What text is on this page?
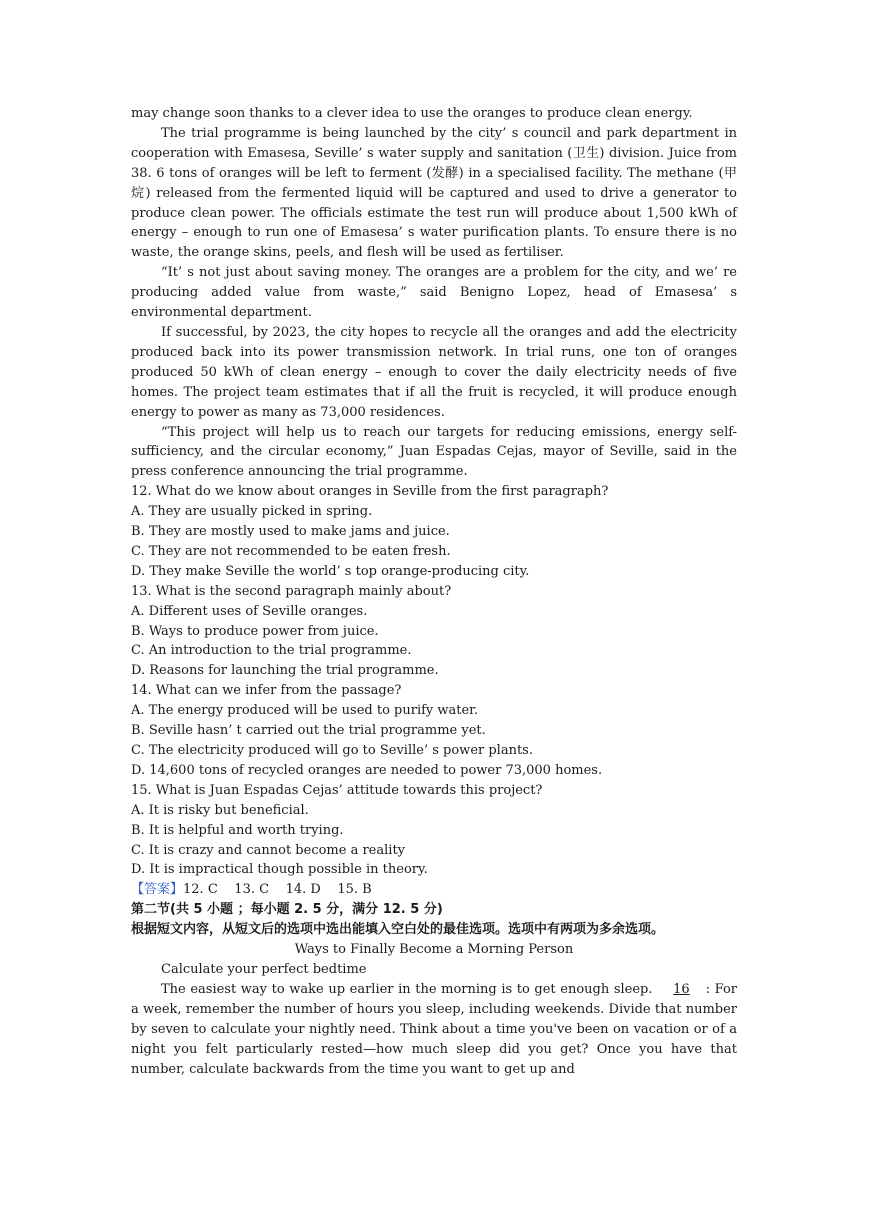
may change soon thanks to a clever idea to use the oranges to produce clean energy.

The trial programme is being launched by the city’ s council and park department in cooperation with Emasesa, Seville’ s water supply and sanitation (卫生) division. Juice from 38. 6 tons of oranges will be left to ferment (发酵) in a specialised facility. The methane (甲烷) released from the fermented liquid will be captured and used to drive a generator to produce clean power. The officials estimate the test run will produce about 1,500 kWh of energy – enough to run one of Emasesa’ s water purification plants. To ensure there is no waste, the orange skins, peels, and flesh will be used as fertiliser.

“It’ s not just about saving money. The oranges are a problem for the city, and we’ re producing added value from waste,” said Benigno Lopez, head of Emasesa’ s environmental department.

If successful, by 2023, the city hopes to recycle all the oranges and add the electricity produced back into its power transmission network. In trial runs, one ton of oranges produced 50 kWh of clean energy – enough to cover the daily electricity needs of five homes. The project team estimates that if all the fruit is recycled, it will produce enough energy to power as many as 73,000 residences.

“This project will help us to reach our targets for reducing emissions, energy self-sufficiency, and the circular economy,” Juan Espadas Cejas, mayor of Seville, said in the press conference announcing the trial programme.

12. What do we know about oranges in Seville from the first paragraph?

A. They are usually picked in spring.

B. They are mostly used to make jams and juice.

C. They are not recommended to be eaten fresh.

D. They make Seville the world’ s top orange-producing city.

13. What is the second paragraph mainly about?

A. Different uses of Seville oranges.

B. Ways to produce power from juice.

C. An introduction to the trial programme.

D. Reasons for launching the trial programme.

14. What can we infer from the passage?

A. The energy produced will be used to purify water.

B. Seville hasn’ t carried out the trial programme yet.

C. The electricity produced will go to Seville’ s power plants.

D. 14,600 tons of recycled oranges are needed to power 73,000 homes.

15. What is Juan Espadas Cejas’ attitude towards this project?

A. It is risky but beneficial.

B. It is helpful and worth trying.

C. It is crazy and cannot become a reality

D. It is impractical though possible in theory.

【答案】12. C    13. C    14. D    15. B

第二节(共 5 小题 ；每小题 2. 5 分，满分 12. 5 分)

根据短文内容，从短文后的选项中选出能填入空白处的最佳选项。选项中有两项为多余选项。

Ways to Finally Become a Morning Person

Calculate your perfect bedtime

The easiest way to wake up earlier in the morning is to get enough sleep. 16 : For a week, remember the number of hours you sleep, including weekends. Divide that number by seven to calculate your nightly need. Think about a time you've been on vacation or of a night you felt particularly rested—how much sleep did you get? Once you have that number, calculate backwards from the time you want to get up and
